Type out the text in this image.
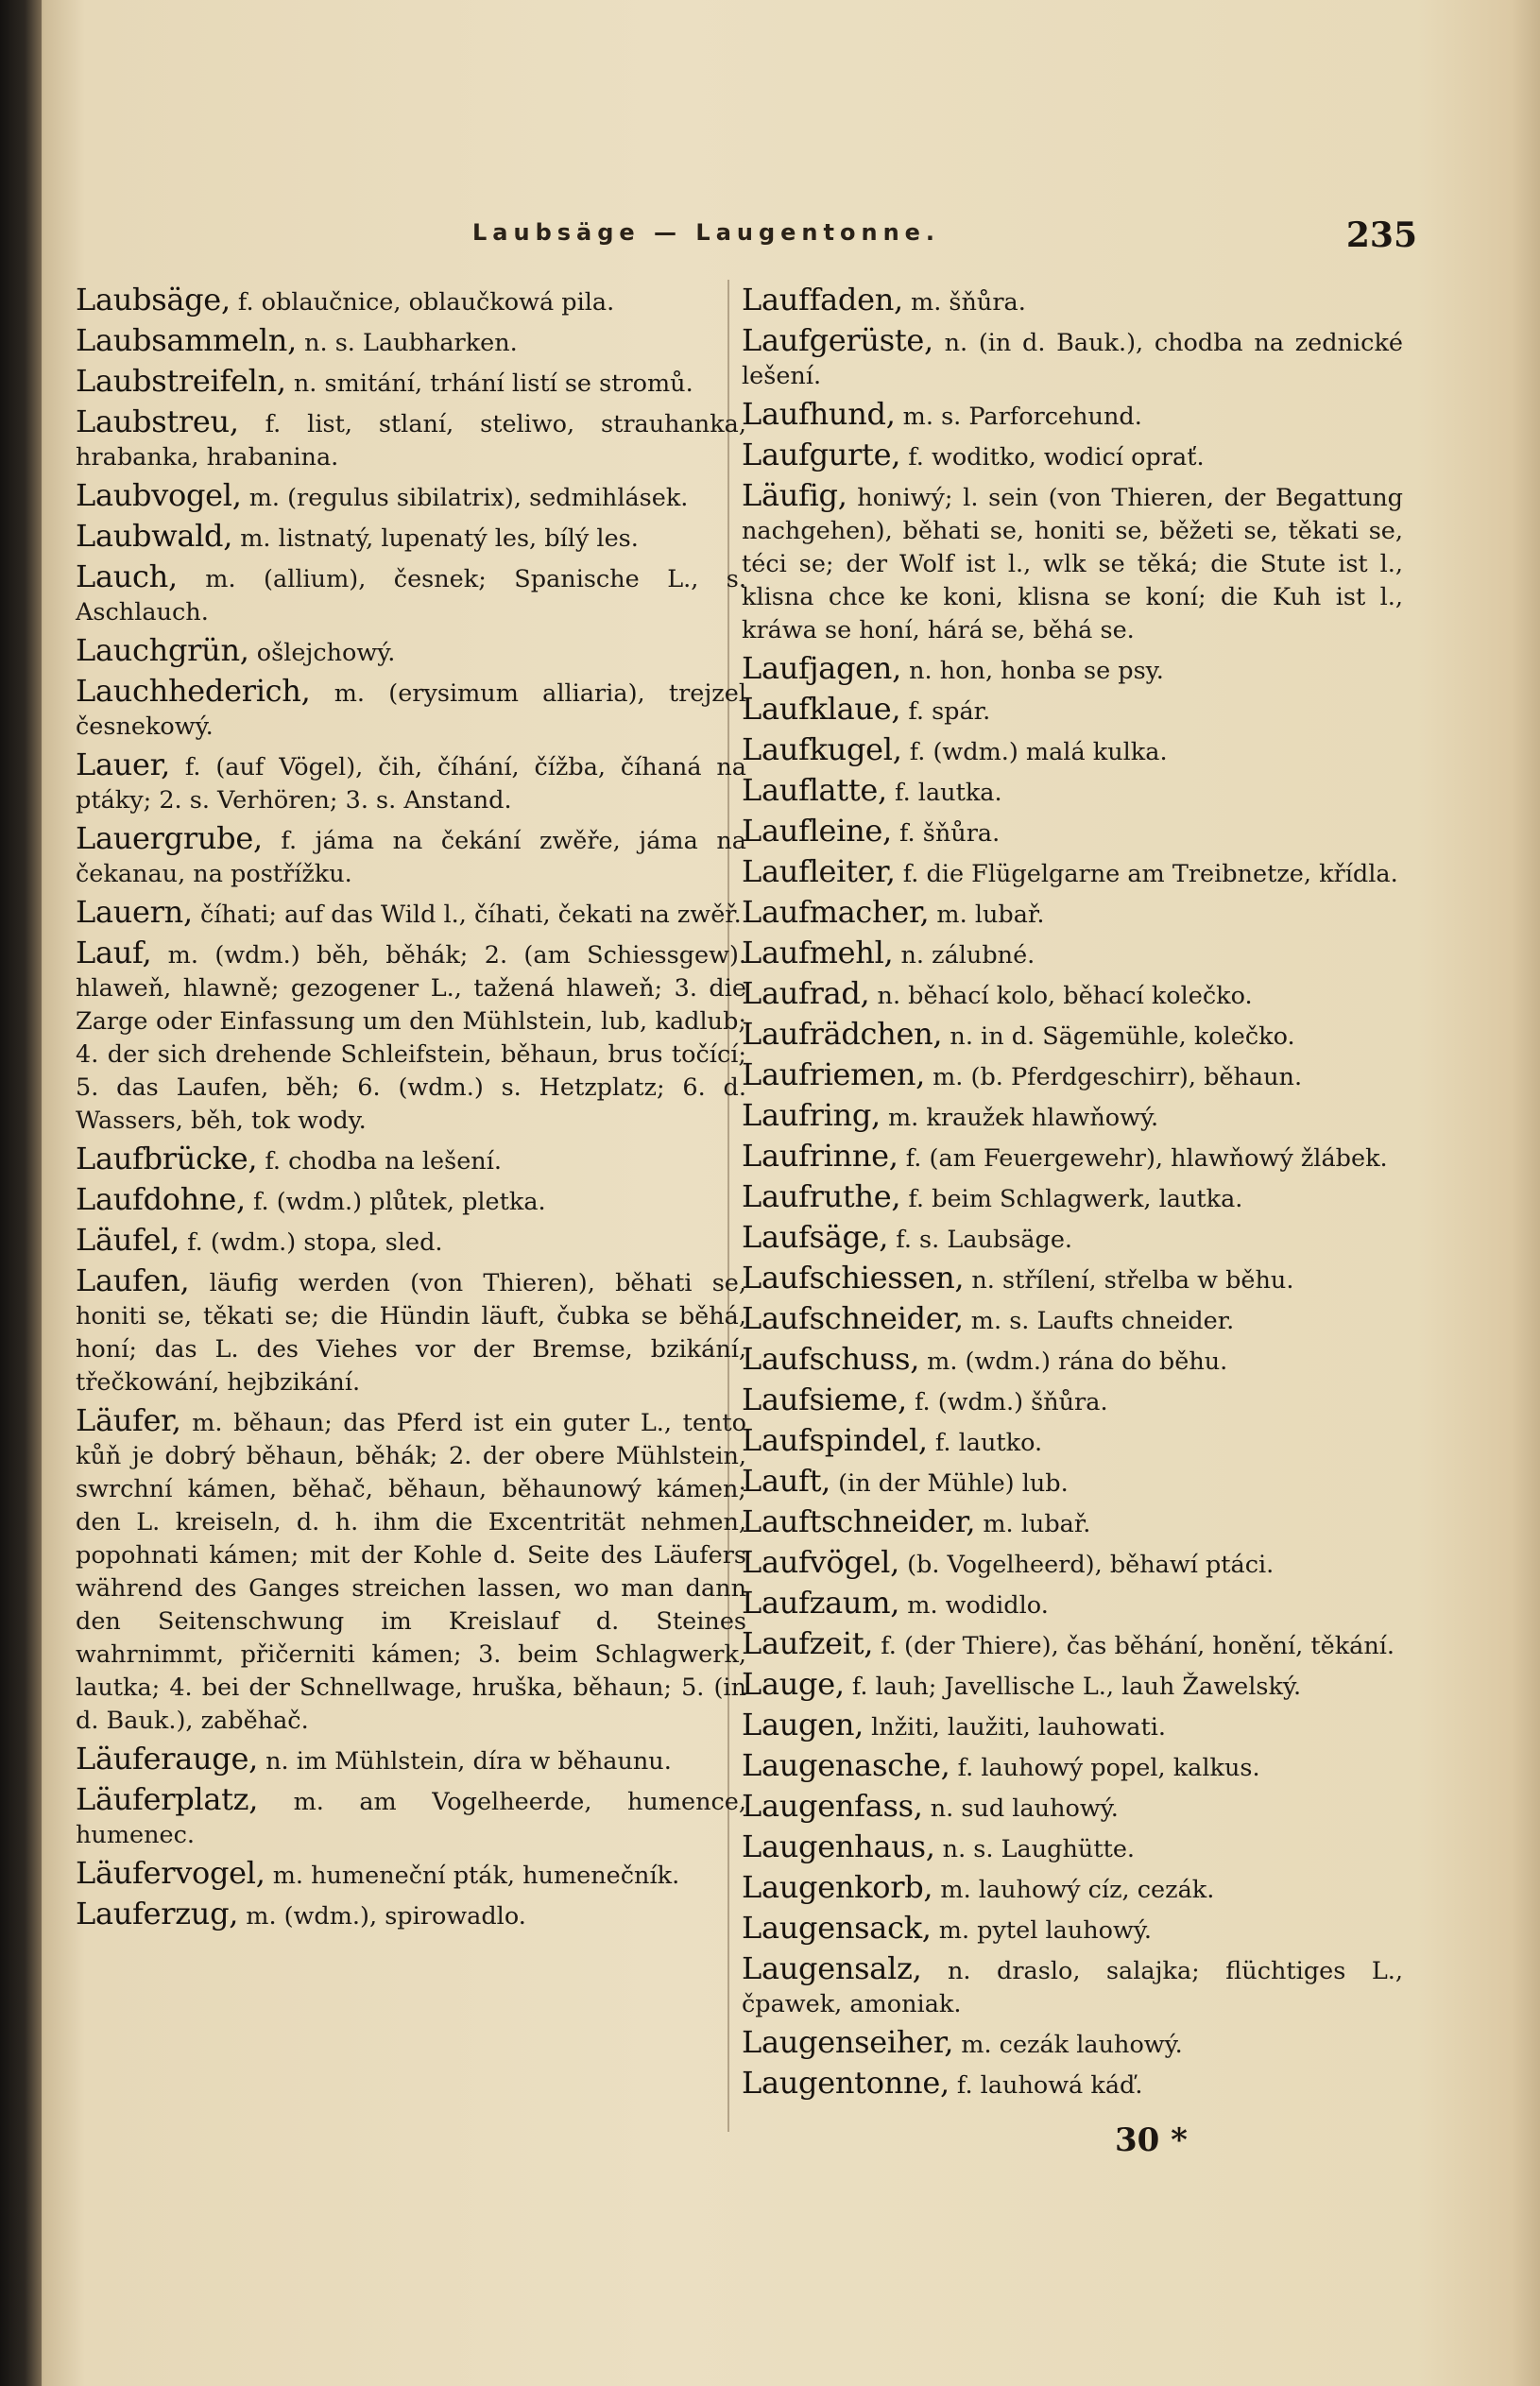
Laubsäge — Laugentonne.	235

Laubsäge, f. oblaučnice, oblaučkowá pila.

Laubsammeln, n. s. Laubharken.

Laubstreifeln, n. smitání, trhání listí se stromů.

Laubstreu, f. list, stlaní, steliwo, strauhanka, hrabanka, hrabanina.

Laubvogel, m. (regulus sibilatrix), sedmihlásek.

Laubwald, m. listnatý, lupenatý les, bílý les.

Lauch, m. (allium), česnek; Spanische L., s. Aschlauch.

Lauchgrün, ošlejchowý.

Lauchhederich, m. (erysimum alliaria), trejzel česnekowý.

Lauer, f. (auf Vögel), čih, číhání, čížba, číhaná na ptáky; 2. s. Verhören; 3. s. Anstand.

Lauergrube, f. jáma na čekání zwěře, jáma na čekanau, na postřížku.

Lauern, číhati; auf das Wild l., číhati, čekati na zwěř.

Lauf, m. (wdm.) běh, běhák; 2. (am Schiessgew). hlaweň, hlawně; gezogener L., tažená hlaweň; 3. die Zarge oder Einfassung um den Mühlstein, lub, kadlub; 4. der sich drehende Schleifstein, běhaun, brus točící; 5. das Laufen, běh; 6. (wdm.) s. Hetzplatz; 6. d. Wassers, běh, tok wody.

Laufbrücke, f. chodba na lešení.

Laufdohne, f. (wdm.) plůtek, pletka.

Läufel, f. (wdm.) stopa, sled.

Laufen, läufig werden (von Thieren), běhati se, honiti se, těkati se; die Hündin läuft, čubka se běhá, honí; das L. des Viehes vor der Bremse, bzikání, třečkowání, hejbzikání.

Läufer, m. běhaun; das Pferd ist ein guter L., tento kůň je dobrý běhaun, běhák; 2. der obere Mühlstein, swrchní kámen, běhač, běhaun, běhaunowý kámen; den L. kreiseln, d. h. ihm die Excentrität nehmen, popohnati kámen; mit der Kohle d. Seite des Läufers während des Ganges streichen lassen, wo man dann den Seitenschwung im Kreislauf d. Steines wahrnimmt, přičerniti kámen; 3. beim Schlagwerk, lautka; 4. bei der Schnellwage, hruška, běhaun; 5. (in d. Bauk.), zaběhač.

Läuferauge, n. im Mühlstein, díra w běhaunu.

Läuferplatz, m. am Vogelheerde, humence, humenec.

Läufervogel, m. humeneční pták, humenečník.

Lauferzug, m. (wdm.), spirowadlo.

Lauffaden, m. šňůra.

Laufgerüste, n. (in d. Bauk.), chodba na zednické lešení.

Laufhund, m. s. Parforcehund.

Laufgurte, f. woditko, wodicí oprať.

Läufig, honiwý; l. sein (von Thieren, der Begattung nachgehen), běhati se, honiti se, běžeti se, těkati se, téci se; der Wolf ist l., wlk se těká; die Stute ist l., klisna chce ke koni, klisna se koní; die Kuh ist l., kráwa se honí, hárá se, běhá se.

Laufjagen, n. hon, honba se psy.

Laufklaue, f. spár.

Laufkugel, f. (wdm.) malá kulka.

Lauflatte, f. lautka.

Laufleine, f. šňůra.

Laufleiter, f. die Flügelgarne am Treibnetze, křídla.

Laufmacher, m. lubař.

Laufmehl, n. zálubné.

Laufrad, n. běhací kolo, běhací kolečko.

Laufrädchen, n. in d. Sägemühle, kolečko.

Laufriemen, m. (b. Pferdgeschirr), běhaun.

Laufring, m. kraužek hlawňowý.

Laufrinne, f. (am Feuergewehr), hlawňowý žlábek.

Laufruthe, f. beim Schlagwerk, lautka.

Laufsäge, f. s. Laubsäge.

Laufschiessen, n. střílení, střelba w běhu.

Laufschneider, m. s. Laufts chneider.

Laufschuss, m. (wdm.) rána do běhu.

Laufsieme, f. (wdm.) šňůra.

Laufspindel, f. lautko.

Lauft, (in der Mühle) lub.

Lauftschneider, m. lubař.

Laufvögel, (b. Vogelheerd), běhawí ptáci.

Laufzaum, m. wodidlo.

Laufzeit, f. (der Thiere), čas běhání, honění, těkání.

Lauge, f. lauh; Javellische L., lauh Žawelský.

Laugen, lnžiti, laužiti, lauhowati.

Laugenasche, f. lauhowý popel, kalkus.

Laugenfass, n. sud lauhowý.

Laugenhaus, n. s. Laughütte.

Laugenkorb, m. lauhowý cíz, cezák.

Laugensack, m. pytel lauhowý.

Laugensalz, n. draslo, salajka; flüchtiges L., čpawek, amoniak.

Laugenseiher, m. cezák lauhowý.

Laugentonne, f. lauhowá káď.

30 *
